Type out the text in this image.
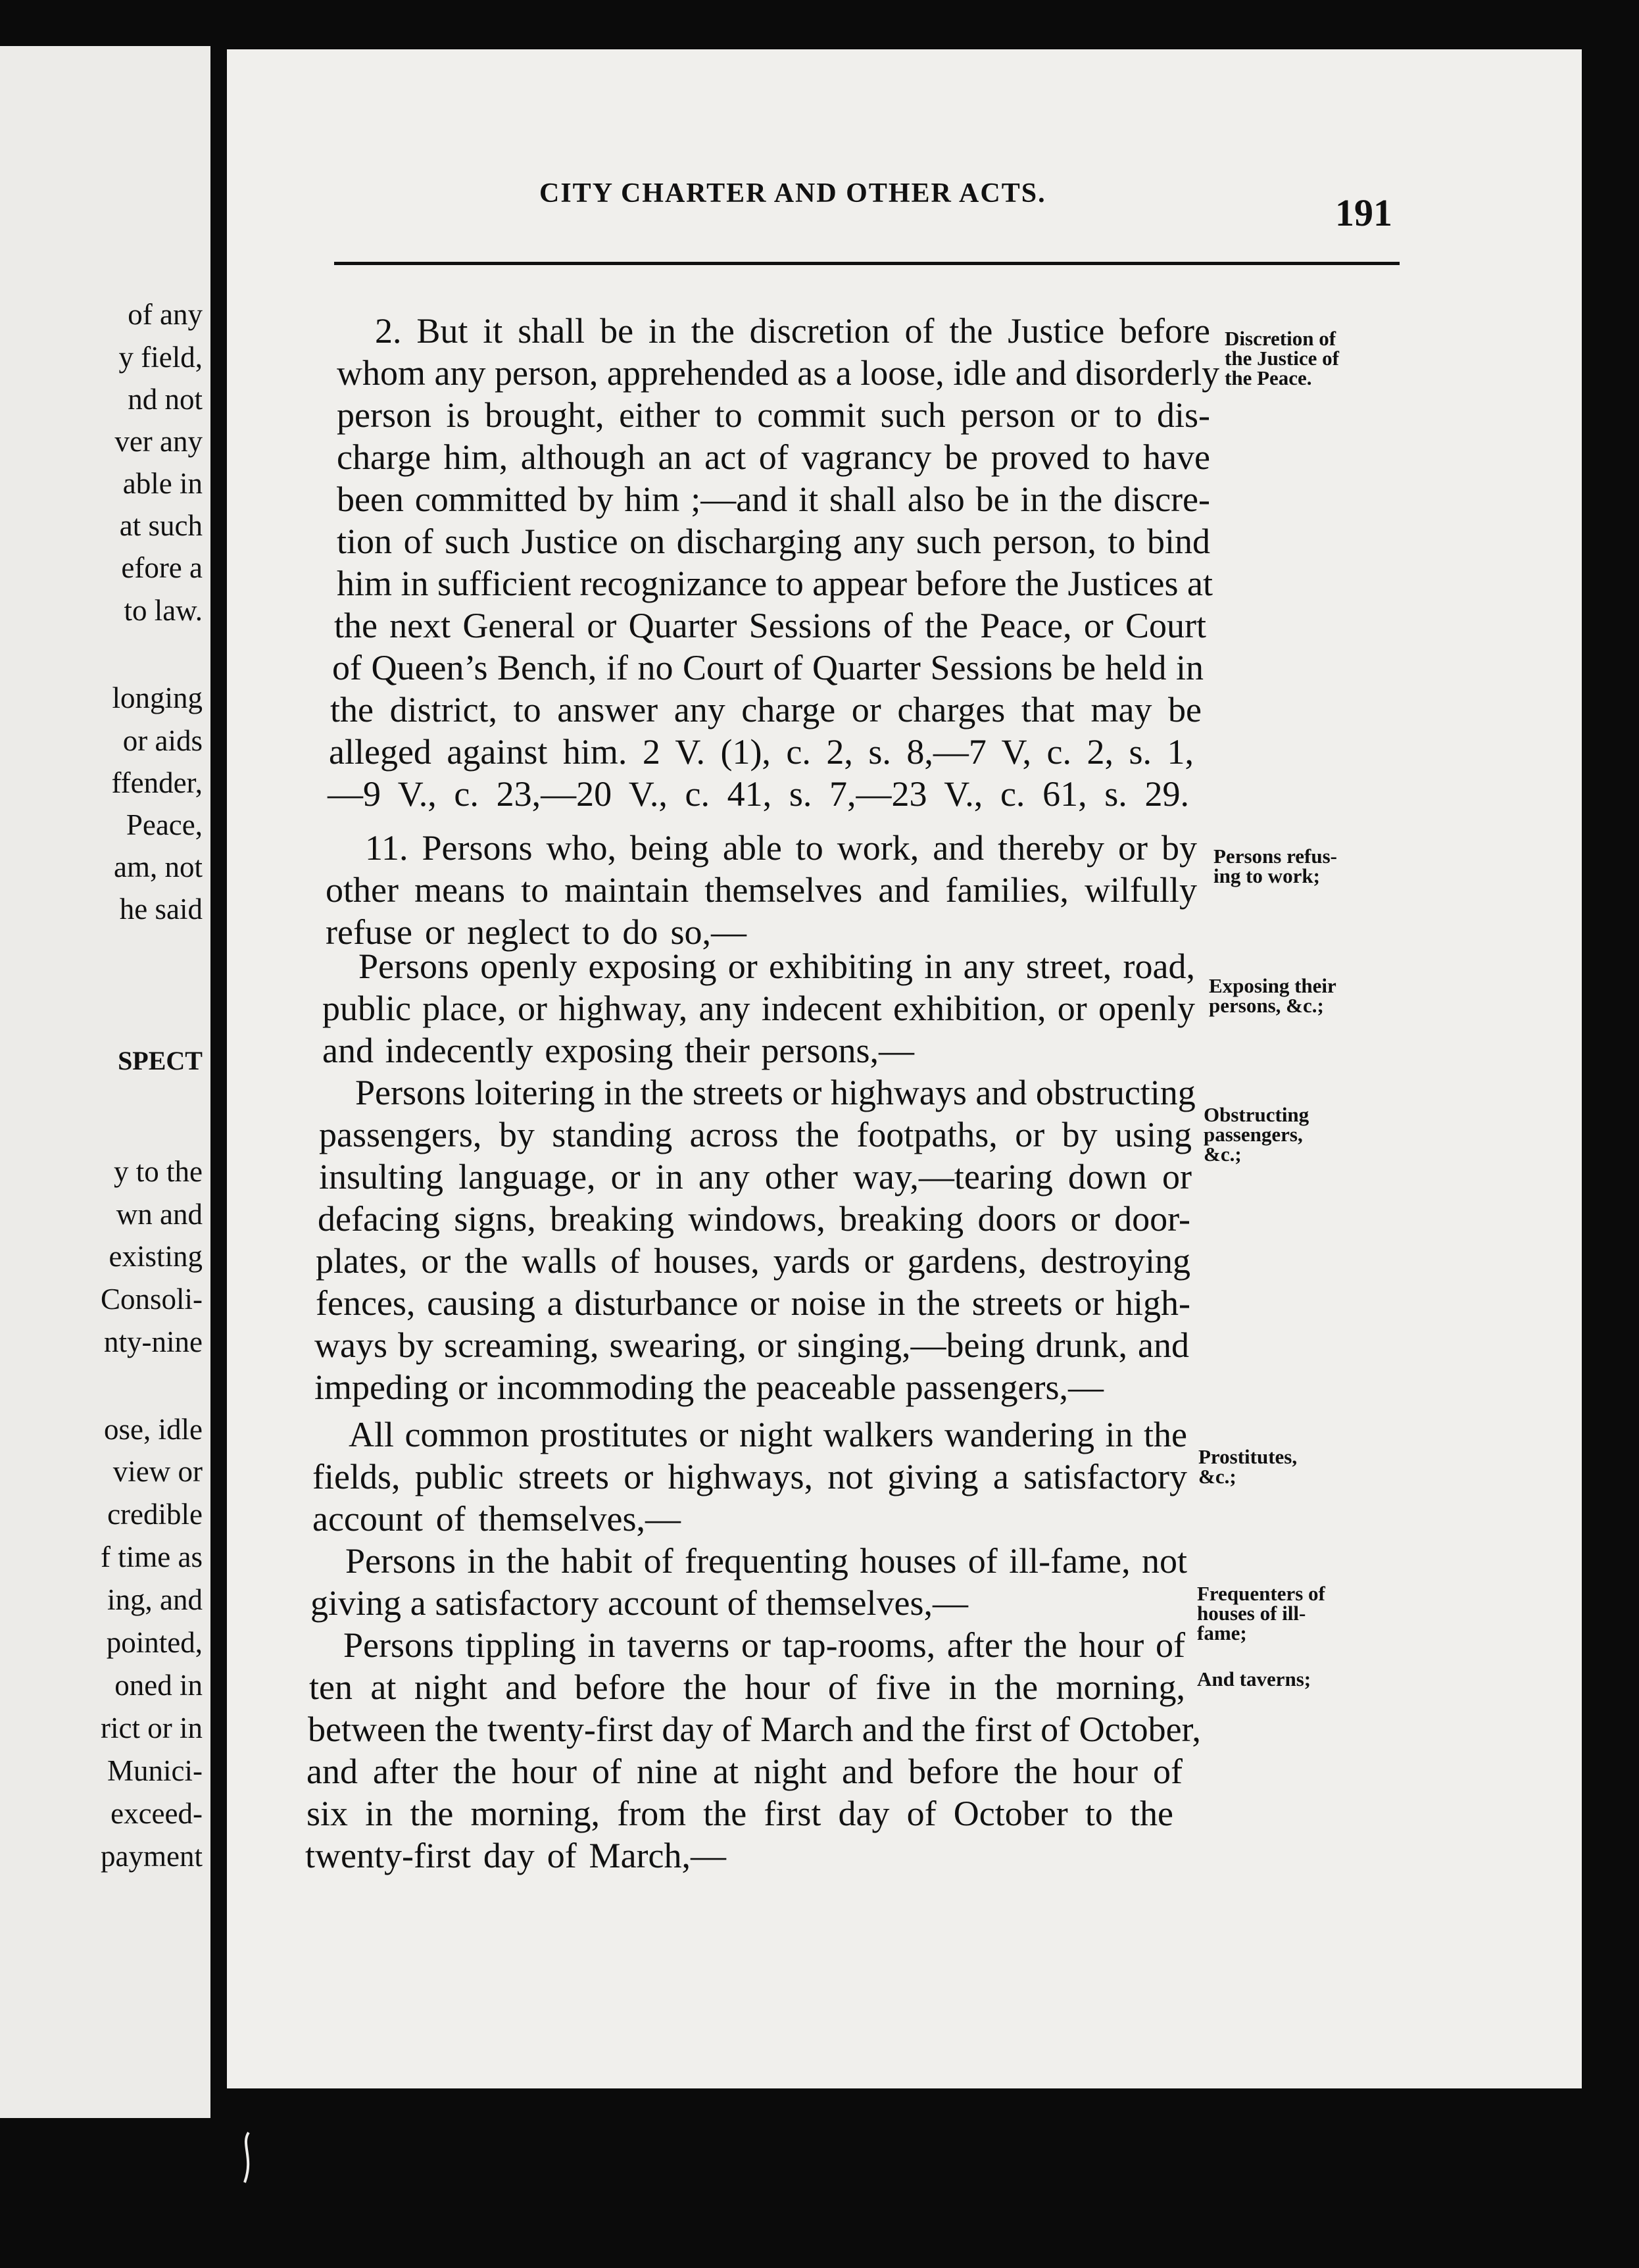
of any
y field,
nd not
ver any
able in
at such
efore a
to law.
longing
or aids
ffender,
Peace,
am, not
he said
SPECT
y to the
wn and
existing
Consoli-
nty-nine
ose, idle
view or
credible
f time as
ing, and
pointed,
oned in
rict or in
Munici-
exceed-
payment
CITY CHARTER AND OTHER ACTS.	191
2. But it shall be in the discretion of the Justice before
whom any person, apprehended as a loose, idle and disorderly
person is brought, either to commit such person or to dis-
charge him, although an act of vagrancy be proved to have
been committed by him ;—and it shall also be in the discre-
tion of such Justice on discharging any such person, to bind
him in sufficient recognizance to appear before the Justices at
the next General or Quarter Sessions of the Peace, or Court
of Queen’s Bench, if no Court of Quarter Sessions be held in
the district, to answer any charge or charges that may be
alleged against him. 2 V. (1), c. 2, s. 8,—7 V, c. 2, s. 1,
—9 V., c. 23,—20 V., c. 41, s. 7,—23 V., c. 61, s. 29.
11. Persons who, being able to work, and thereby or by
other means to maintain themselves and families, wilfully
refuse or neglect to do so,—
Persons openly exposing or exhibiting in any street, road,
public place, or highway, any indecent exhibition, or openly
and indecently exposing their persons,—
Persons loitering in the streets or highways and obstructing
passengers, by standing across the footpaths, or by using
insulting language, or in any other way,—tearing down or
defacing signs, breaking windows, breaking doors or door-
plates, or the walls of houses, yards or gardens, destroying
fences, causing a disturbance or noise in the streets or high-
ways by screaming, swearing, or singing,—being drunk, and
impeding or incommoding the peaceable passengers,—
All common prostitutes or night walkers wandering in the
fields, public streets or highways, not giving a satisfactory
account of themselves,—
Persons in the habit of frequenting houses of ill-fame, not
giving a satisfactory account of themselves,—
Persons tippling in taverns or tap-rooms, after the hour of
ten at night and before the hour of five in the morning,
between the twenty-first day of March and the first of October,
and after the hour of nine at night and before the hour of
six in the morning, from the first day of October to the
twenty-first day of March,—
Discretion of
the Justice of
the Peace.
Persons refus-
ing to work;
Exposing their
persons, &c.;
Obstructing
passengers,
&c.;
Prostitutes,
&c.;
Frequenters of
houses of ill-
fame;
And taverns;
